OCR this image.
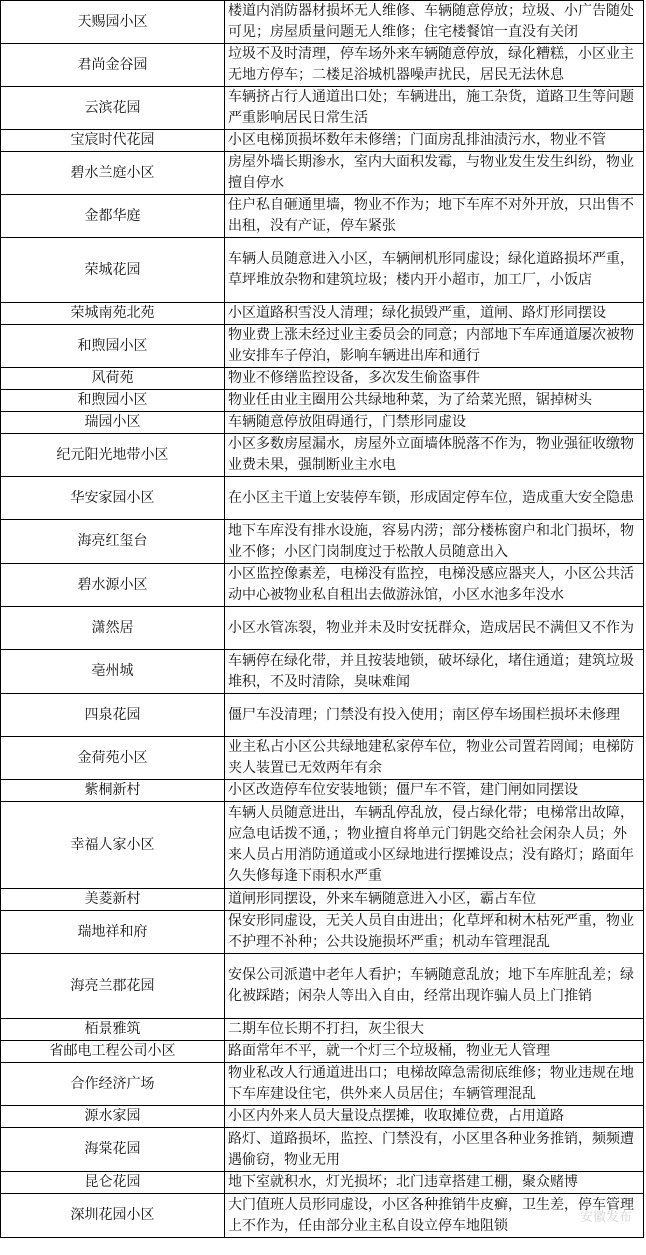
天赐园小区	楼道内消防器材损坏无人维修、车辆随意停放；垃圾、小广告随处可见；房屋质量问题无人维修；住宅楼餐馆一直没有关闭
君尚金谷园	垃圾不及时清理，停车场外来车辆随意停放，绿化糟糕，小区业主无地方停车；二楼足浴城机器噪声扰民，居民无法休息
云滨花园	车辆挤占行人通道出口处；车辆进出，施工杂货，道路卫生等问题严重影响居民日常生活
宝宸时代花园	小区电梯顶损坏数年未修缮；门面房乱排油渍污水，物业不管
碧水兰庭小区	房屋外墙长期渗水，室内大面积发霉，与物业发生发生纠纷，物业擅自停水
金都华庭	住户私自砸通里墙，物业不作为；地下车库不对外开放，只出售不出租，没有产证，停车紧张
荣城花园	车辆人员随意进入小区，车辆闸机形同虚设；绿化道路损坏严重，草坪堆放杂物和建筑垃圾；楼内开小超市，加工厂，小饭店
荣城南苑北苑	小区道路积雪没人清理；绿化损毁严重，道闸、路灯形同摆设
和煦园小区	物业费上涨未经过业主委员会的同意；内部地下车库通道屡次被物业安排车子停泊，影响车辆进出库和通行
风荷苑	物业不修缮监控设备，多次发生偷盗事件
和煦园小区	物业任由业主圈用公共绿地种菜，为了给菜光照，锯掉树头
瑞园小区	车辆随意停放阻碍通行，门禁形同虚设
纪元阳光地带小区	小区多数房屋漏水，房屋外立面墙体脱落不作为，物业强征收缴物业费未果，强制断业主水电
华安家园小区	在小区主干道上安装停车锁，形成固定停车位，造成重大安全隐患
海亮红玺台	地下车库没有排水设施，容易内涝；部分楼栋窗户和北门损坏，物业不修；小区门岗制度过于松散人员随意出入
碧水源小区	小区监控像素差，电梯没有监控，电梯没感应器夹人，小区公共活动中心被物业私自租出去做游泳馆，小区水池多年没水
潇然居	小区水管冻裂，物业并未及时安抚群众，造成居民不满但又不作为
亳州城	车辆停在绿化带，并且按装地锁，破坏绿化，堵住通道；建筑垃圾堆积，不及时清除，臭味难闻
四泉花园	僵尸车没清理；门禁没有投入使用；南区停车场围栏损坏未修理
金荷苑小区	业主私占小区公共绿地建私家停车位，物业公司置若罔闻；电梯防夹人装置已无效两年有余
紫桐新村	小区改造停车位安装地锁；僵尸车不管，建门闸如同摆设
幸福人家小区	车辆人员随意进出，车辆乱停乱放，侵占绿化带；电梯常出故障，应急电话拨不通，；物业擅自将单元门钥匙交给社会闲杂人员；外来人员占用消防通道或小区绿地进行摆摊设点；没有路灯；路面年久失修每逢下雨积水严重
美菱新村	道闸形同摆设，外来车辆随意进入小区，霸占车位
瑞地祥和府	保安形同虚设，无关人员自由进出；化草坪和树木枯死严重，物业不护理不补种；公共设施损坏严重；机动车管理混乱
海亮兰郡花园	安保公司派遣中老年人看护；车辆随意乱放；地下车库脏乱差；绿化被踩踏；闲杂人等出入自由，经常出现诈骗人员上门推销
栢景雅筑	二期车位长期不打扫，灰尘很大
省邮电工程公司小区	路面常年不平，就一个灯三个垃圾桶，物业无人管理
合作经济广场	物业私改人行通道进出口；电梯故障急需彻底维修；物业违规在地下车库建设住宅，供外来人员居住；车辆管理混乱
源水家园	小区内外来人员大量设点摆摊，收取摊位费，占用道路
海棠花园	路灯、道路损坏，监控、门禁没有，小区里各种业务推销，频频遭遇偷窃，物业无用
昆仑花园	地下室就积水，灯光损坏；北门违章搭建工棚，聚众赌博
深圳花园小区	大门值班人员形同虚设，小区各种推销牛皮癣，卫生差，停车管理上不作为，任由部分业主私自设立停车地阻锁	安徽发布
